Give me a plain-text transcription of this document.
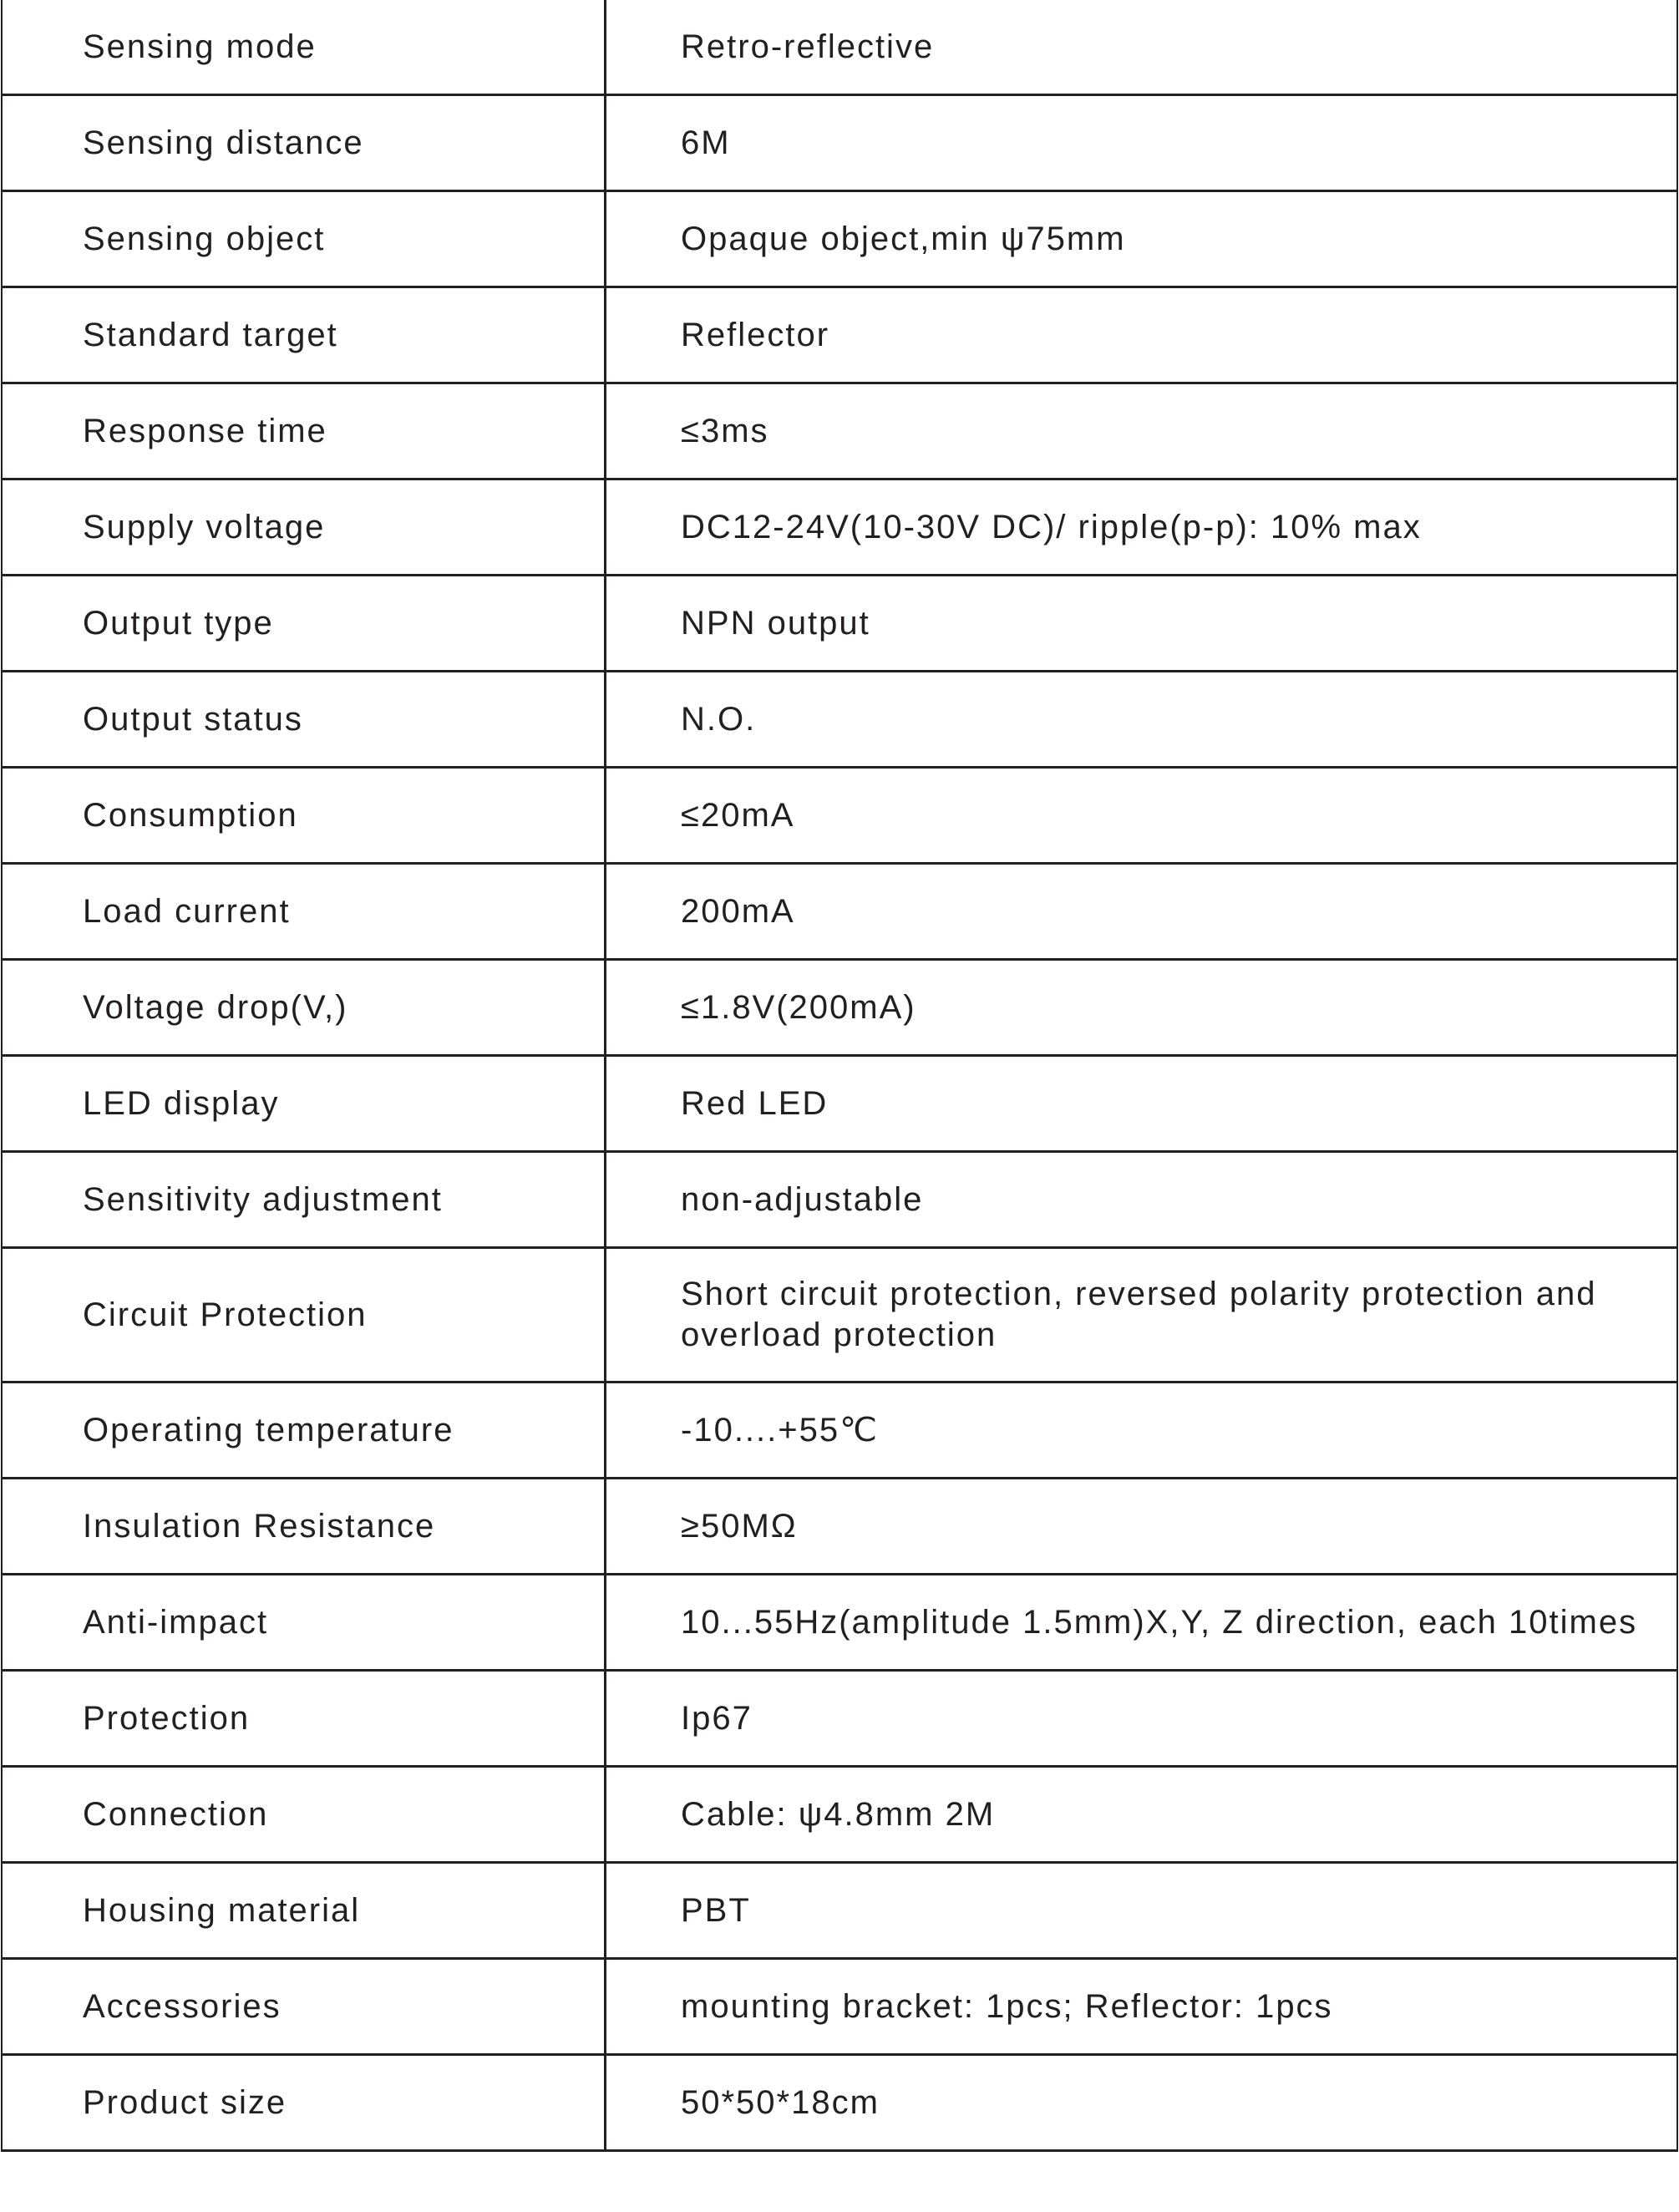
Sensing mode	Retro-reflective
Sensing distance	6M
Sensing object	Opaque object,min ψ75mm
Standard target	Reflector
Response time	≤3ms
Supply voltage	DC12-24V(10-30V DC)/ ripple(p-p): 10% max
Output type	NPN output
Output status	N.O.
Consumption	≤20mA
Load current	200mA
Voltage drop(V,)	≤1.8V(200mA)
LED display	Red LED
Sensitivity adjustment	non-adjustable
Circuit Protection	Short circuit protection, reversed polarity protection and overload protection
Operating temperature	-10....+55℃
Insulation Resistance	≥50MΩ
Anti-impact	10...55Hz(amplitude 1.5mm)X,Y, Z direction, each 10times
Protection	Ip67
Connection	Cable: ψ4.8mm 2M
Housing material	PBT
Accessories	mounting bracket: 1pcs; Reflector: 1pcs
Product size	50*50*18cm
